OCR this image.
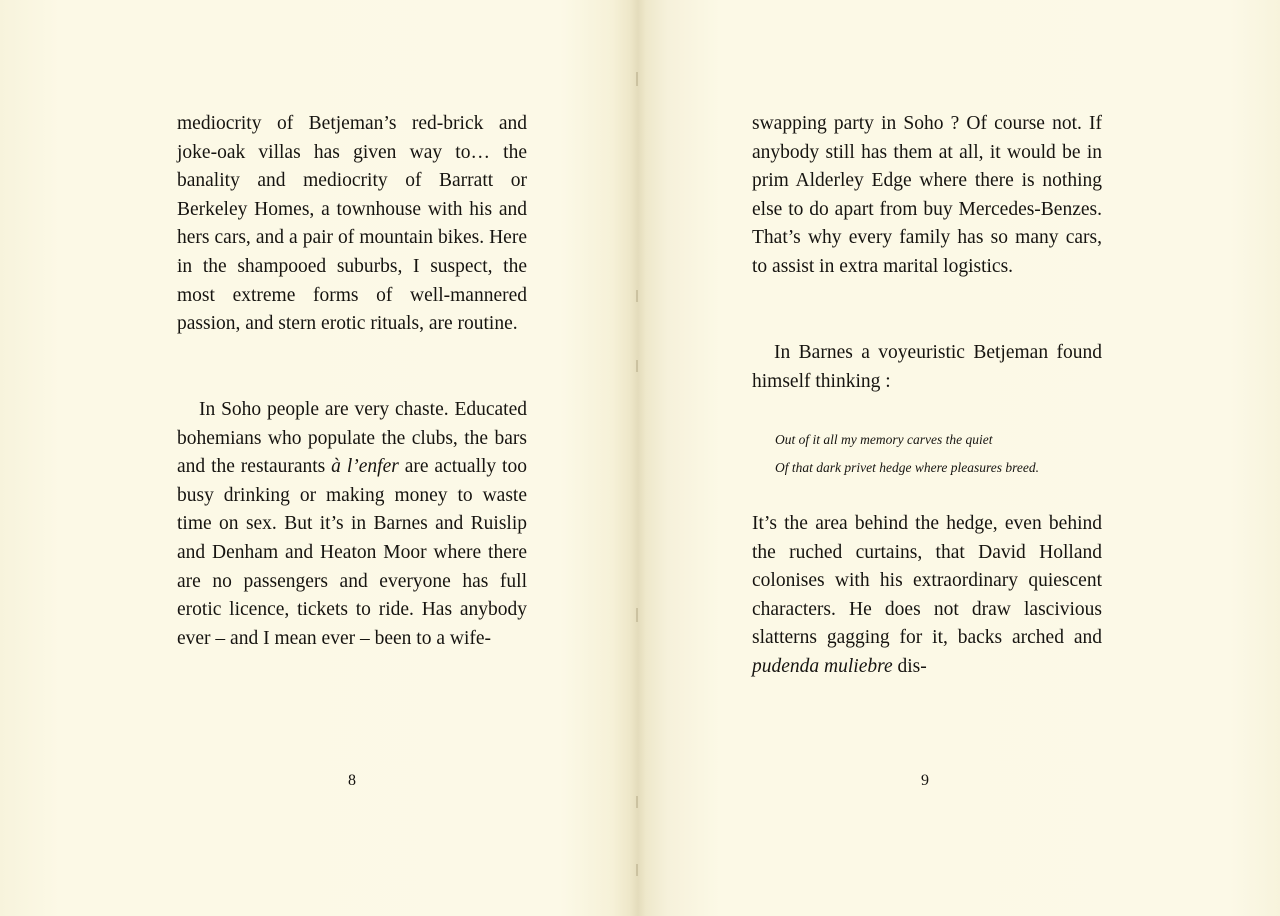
mediocrity of Betjeman’s red-brick and joke-oak villas has given way to… the banality and mediocrity of Barratt or Berkeley Homes, a townhouse with his and hers cars, and a pair of mountain bikes. Here in the shampooed suburbs, I suspect, the most extreme forms of well-mannered passion, and stern erotic rituals, are routine.

In Soho people are very chaste. Educated bohemians who populate the clubs, the bars and the restaurants à l’enfer are actually too busy drinking or making money to waste time on sex. But it’s in Barnes and Ruislip and Denham and Heaton Moor where there are no passengers and everyone has full erotic licence, tickets to ride. Has anybody ever – and I mean ever – been to a wife-

8

swapping party in Soho ? Of course not. If anybody still has them at all, it would be in prim Alderley Edge where there is nothing else to do apart from buy Mercedes-Benzes. That’s why every family has so many cars, to assist in extra marital logistics.

In Barnes a voyeuristic Betjeman found himself thinking :

Out of it all my memory carves the quiet
Of that dark privet hedge where pleasures breed.

It’s the area behind the hedge, even behind the ruched curtains, that David Holland colonises with his extraordinary quiescent characters. He does not draw lascivious slatterns gagging for it, backs arched and pudenda muliebre dis-

9
